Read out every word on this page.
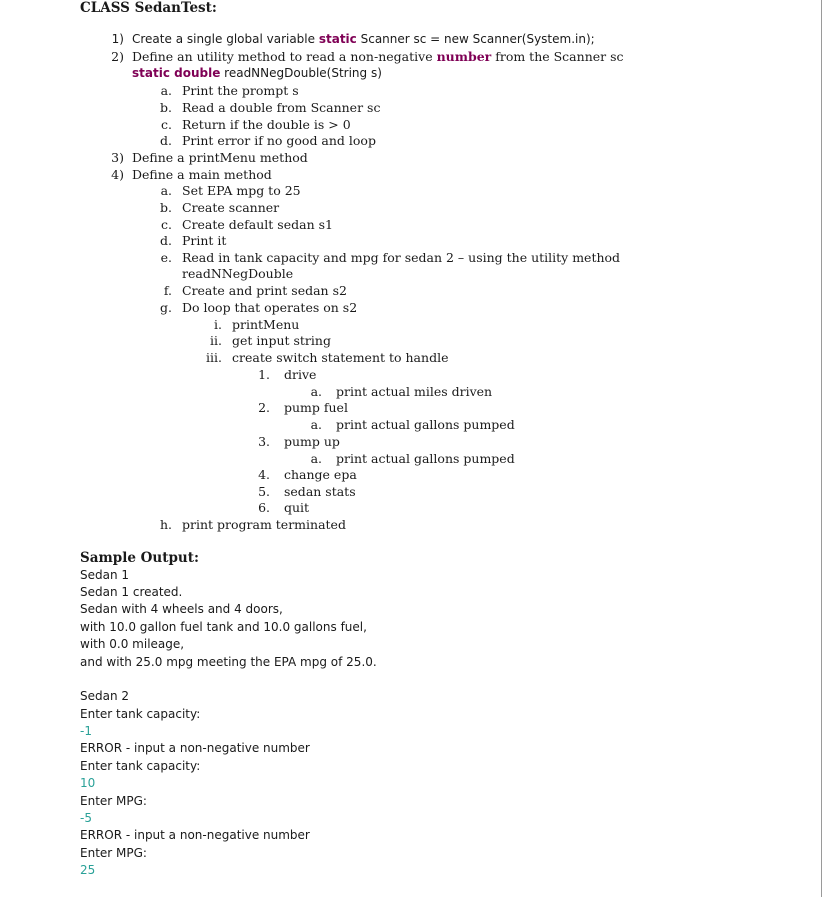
CLASS SedanTest:
1) Create a single global variable static Scanner sc = new Scanner(System.in);
2) Define an utility method to read a non-negative number from the Scanner sc
static double readNNegDouble(String s)
a. Print the prompt s
b. Read a double from Scanner sc
c. Return if the double is > 0
d. Print error if no good and loop
3) Define a printMenu method
4) Define a main method
a. Set EPA mpg to 25
b. Create scanner
c. Create default sedan s1
d. Print it
e. Read in tank capacity and mpg for sedan 2 – using the utility method
readNNegDouble
f. Create and print sedan s2
g. Do loop that operates on s2
i. printMenu
ii. get input string
iii. create switch statement to handle
1. drive
a. print actual miles driven
2. pump fuel
a. print actual gallons pumped
3. pump up
a. print actual gallons pumped
4. change epa
5. sedan stats
6. quit
h. print program terminated
Sample Output:
Sedan 1
Sedan 1 created.
Sedan with 4 wheels and 4 doors,
with 10.0 gallon fuel tank and 10.0 gallons fuel,
with 0.0 mileage,
and with 25.0 mpg meeting the EPA mpg of 25.0.
Sedan 2
Enter tank capacity:
-1
ERROR - input a non-negative number
Enter tank capacity:
10
Enter MPG:
-5
ERROR - input a non-negative number
Enter MPG:
25
